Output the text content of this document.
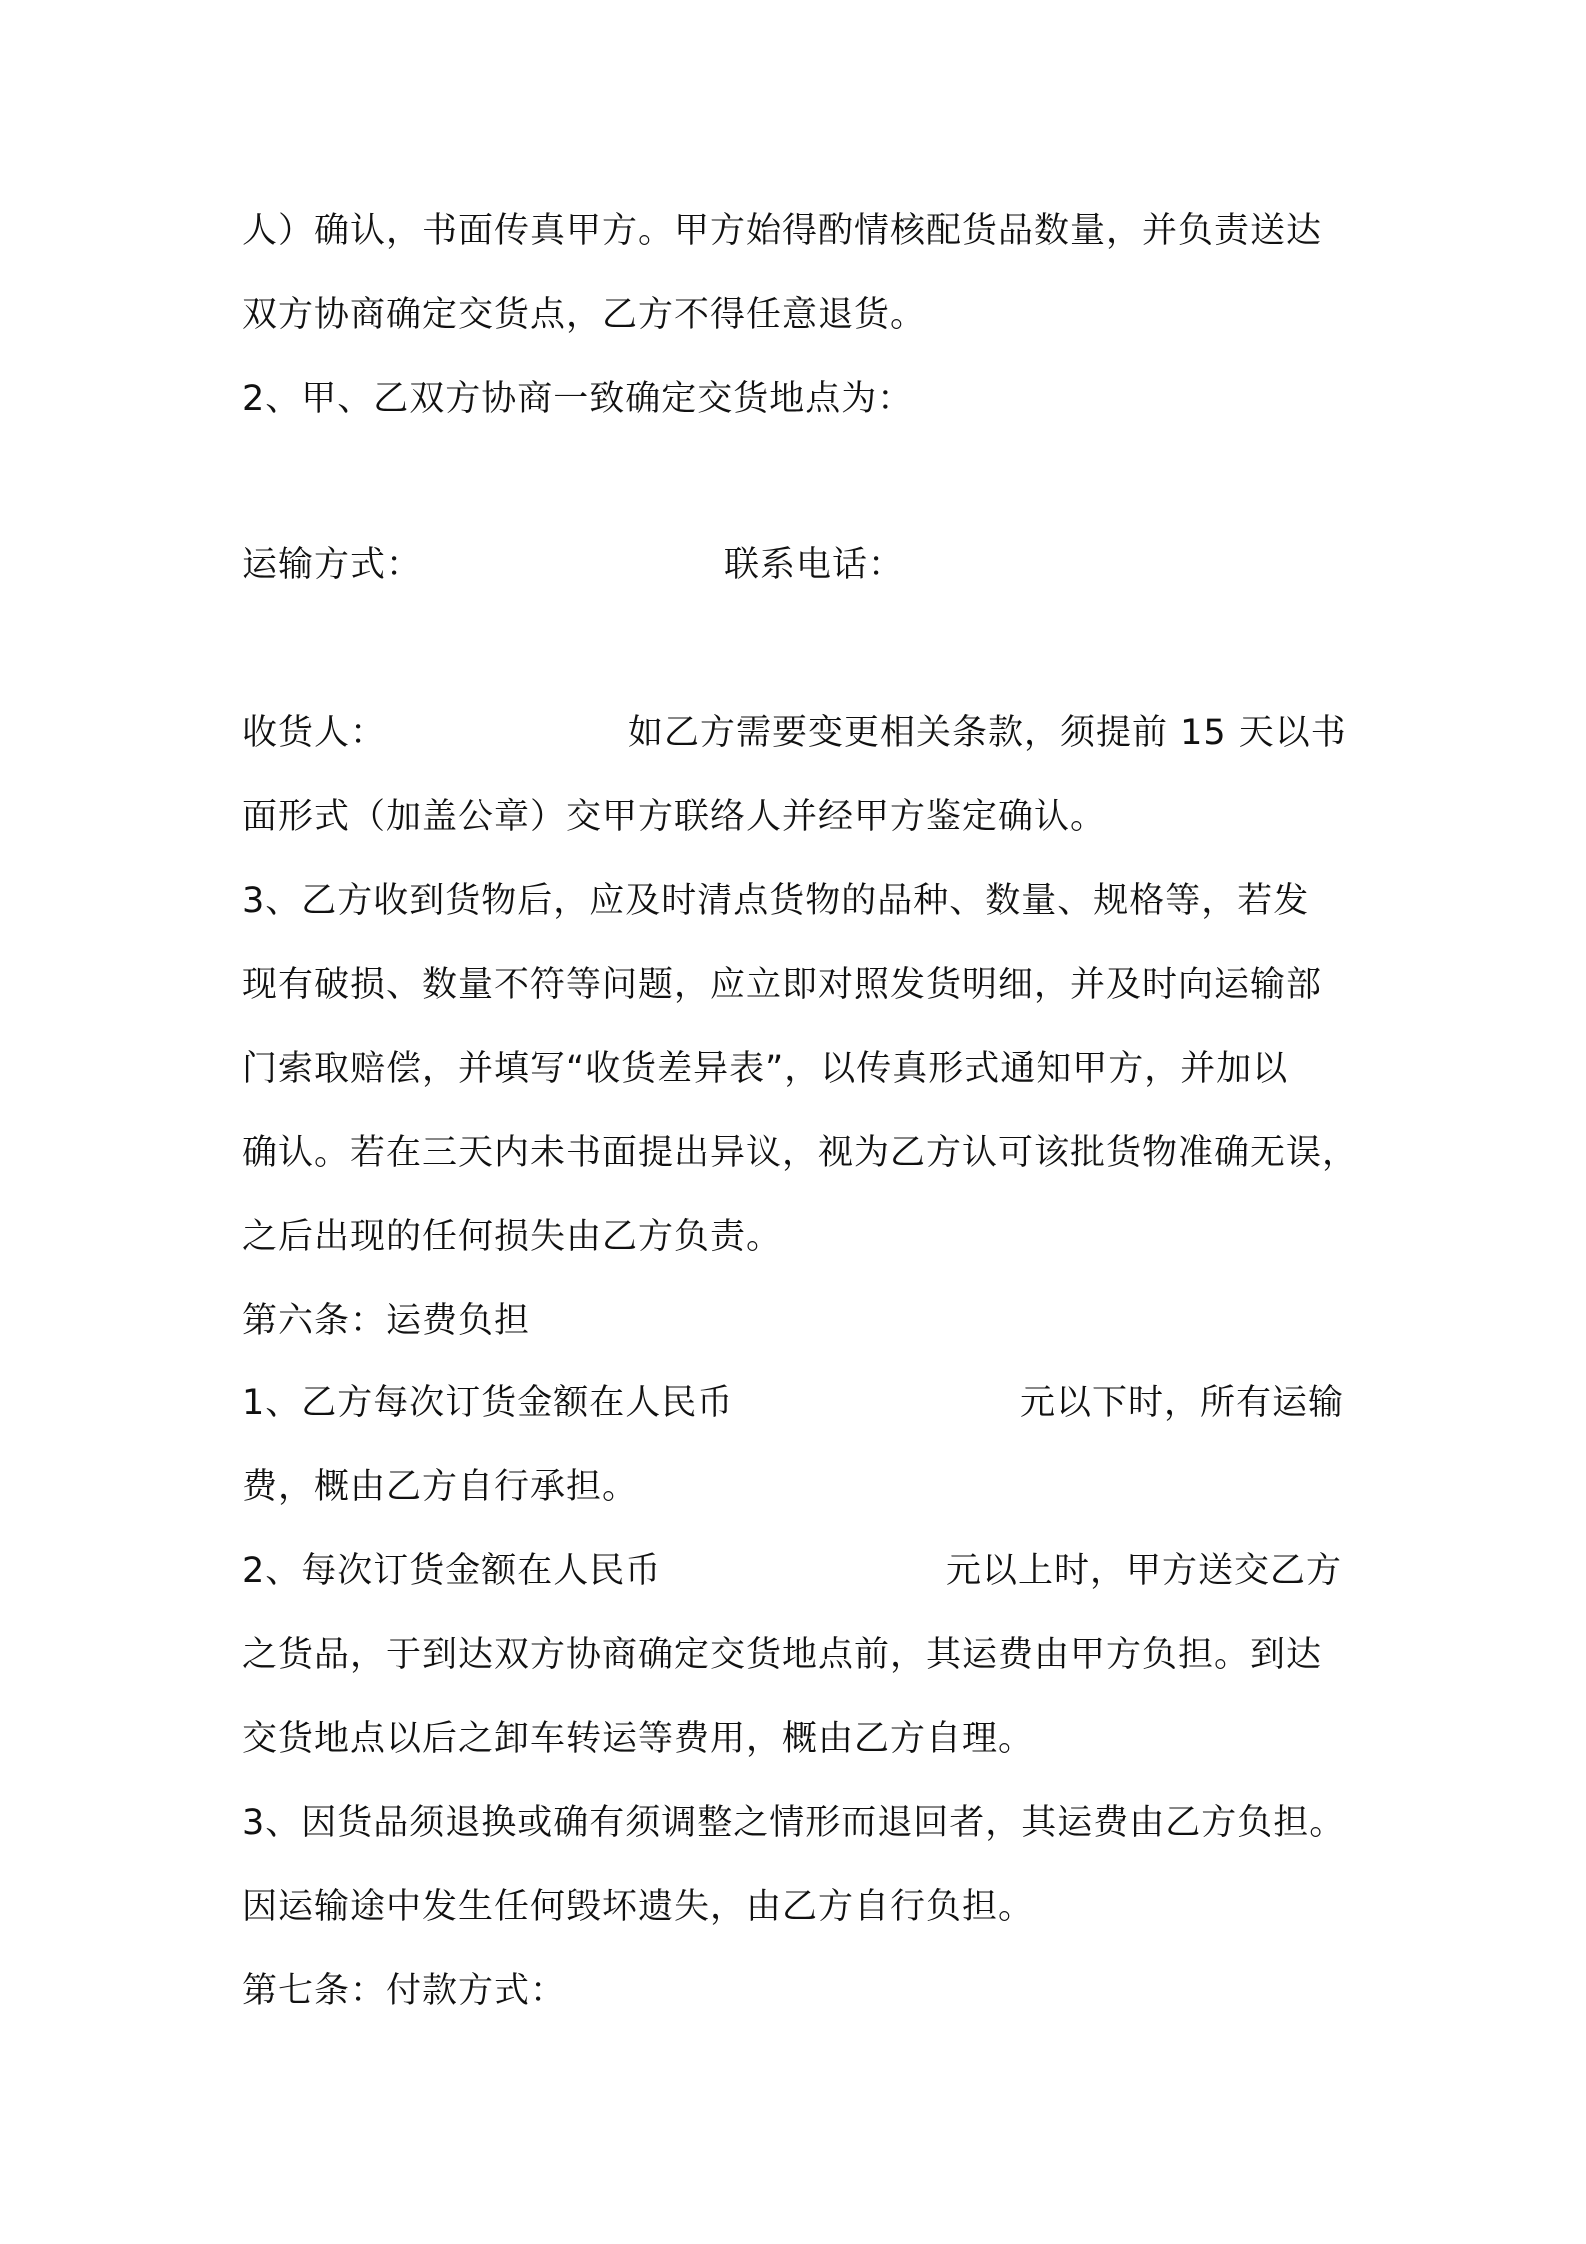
人）确认，书面传真甲方。甲方始得酌情核配货品数量，并负责送达
双方协商确定交货点，乙方不得任意退货。
2、甲、乙双方协商一致确定交货地点为：
运输方式：	联系电话：
收货人：	如乙方需要变更相关条款，须提前 15 天以书
面形式（加盖公章）交甲方联络人并经甲方鉴定确认。
3、乙方收到货物后，应及时清点货物的品种、数量、规格等，若发
现有破损、数量不符等问题，应立即对照发货明细，并及时向运输部
门索取赔偿，并填写“收货差异表”，以传真形式通知甲方，并加以
确认。若在三天内未书面提出异议，视为乙方认可该批货物准确无误，
之后出现的任何损失由乙方负责。
第六条：运费负担
1、乙方每次订货金额在人民币	元以下时，所有运输
费，概由乙方自行承担。
2、每次订货金额在人民币	元以上时，甲方送交乙方
之货品，于到达双方协商确定交货地点前，其运费由甲方负担。到达
交货地点以后之卸车转运等费用，概由乙方自理。
3、因货品须退换或确有须调整之情形而退回者，其运费由乙方负担。
因运输途中发生任何毁坏遗失，由乙方自行负担。
第七条：付款方式：
